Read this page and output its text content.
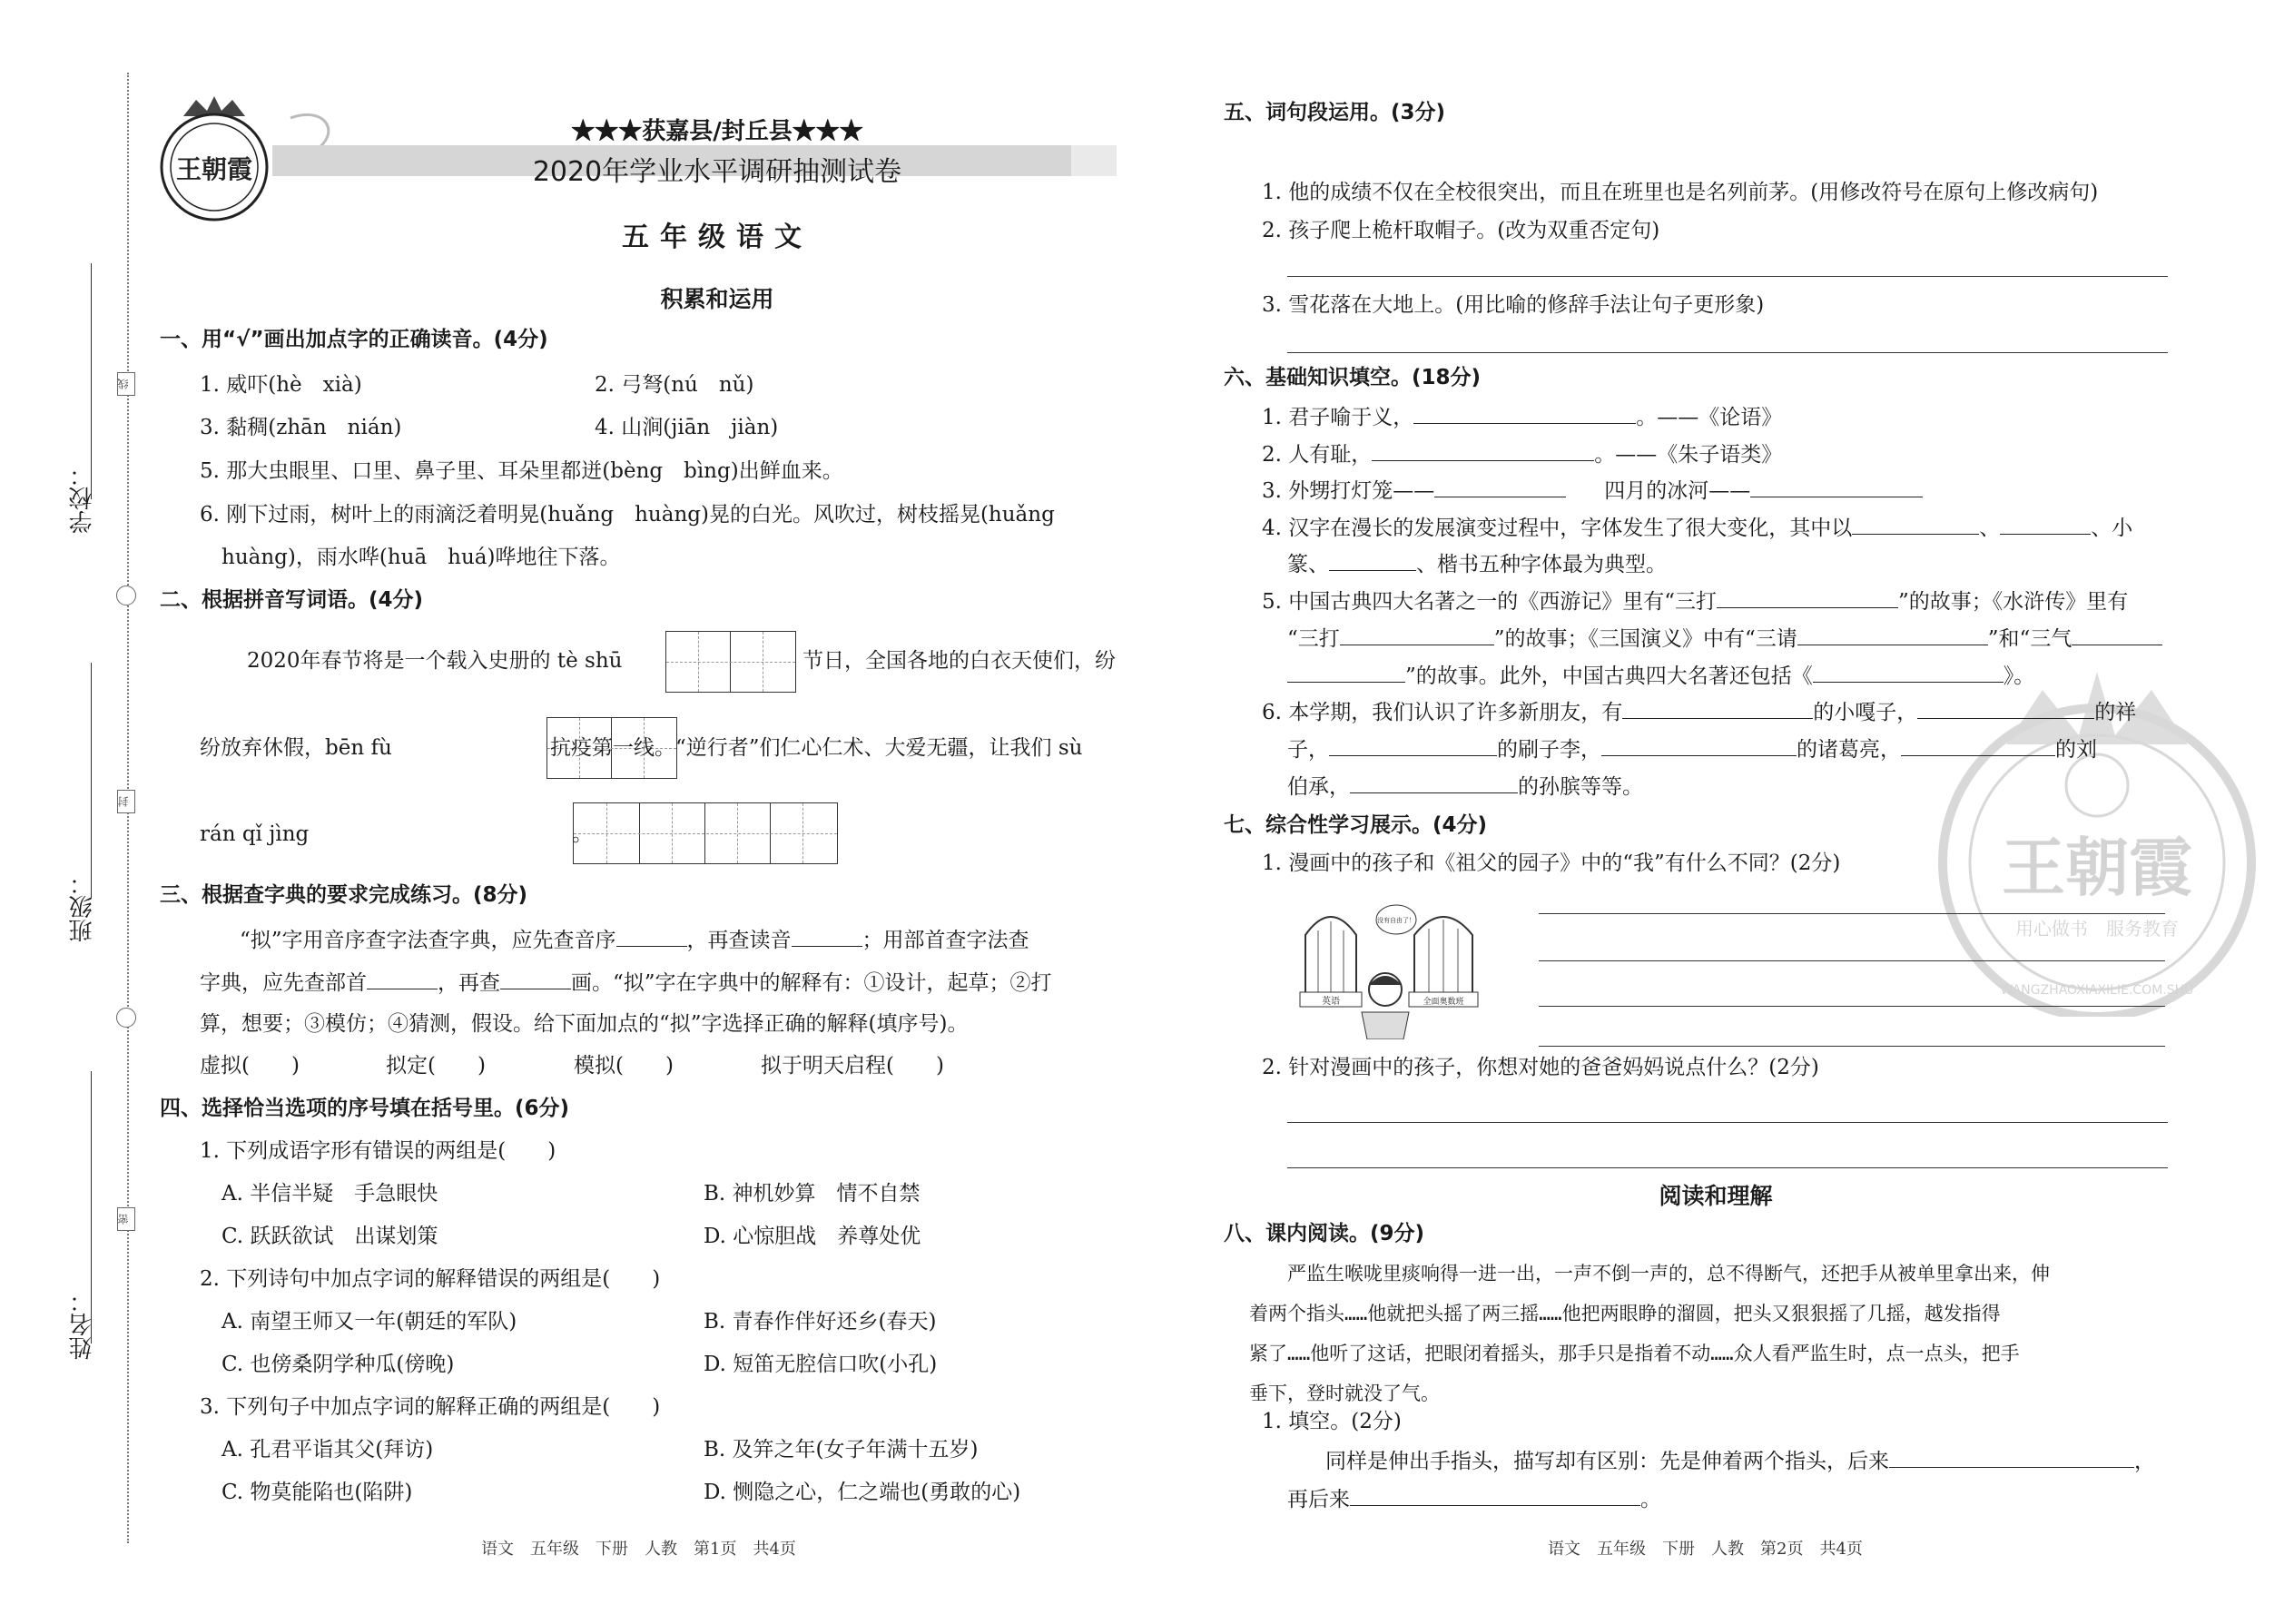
学校：
班级：
姓名：
线
封
密
王朝霞
★★★获嘉县/封丘县★★★
2020年学业水平调研抽测试卷
五年级语文
积累和运用
一、用“√”画出加点字的正确读音。(4分)
1. 威吓(hè　xià)	2. 弓弩(nú　nǔ)
3. 黏稠(zhān　nián)	4. 山涧(jiān　jiàn)
5. 那大虫眼里、口里、鼻子里、耳朵里都迸(bèng　bìng)出鲜血来。
6. 刚下过雨，树叶上的雨滴泛着明晃(huǎng　huàng)晃的白光。风吹过，树枝摇晃(huǎng
huàng)，雨水哗(huā　huá)哗地往下落。
二、根据拼音写词语。(4分)
2020年春节将是一个载入史册的 tè shū
	节日，全国各地的白衣天使们，纷
纷放弃休假，bēn fù
	抗疫第一线。“逆行者”们仁心仁术、大爱无疆，让我们 sù
rán qǐ jìng	。
三、根据查字典的要求完成练习。(8分)
“拟”字用音序查字法查字典，应先查音序	，再查读音	；用部首查字法查
字典，应先查部首	，再查	画。“拟”字在字典中的解释有：①设计，起草；②打
算，想要；③模仿；④猜测，假设。给下面加点的“拟”字选择正确的解释(填序号)。
虚拟(　　)	拟定(　　)	模拟(　　)	拟于明天启程(　　)
四、选择恰当选项的序号填在括号里。(6分)
1. 下列成语字形有错误的两组是(　　)
A. 半信半疑　手急眼快	B. 神机妙算　情不自禁
C. 跃跃欲试　出谋划策	D. 心惊胆战　养尊处优
2. 下列诗句中加点字词的解释错误的两组是(　　)
A. 南望王师又一年(朝廷的军队)	B. 青春作伴好还乡(春天)
C. 也傍桑阴学种瓜(傍晚)	D. 短笛无腔信口吹(小孔)
3. 下列句子中加点字词的解释正确的两组是(　　)
A. 孔君平诣其父(拜访)	B. 及笄之年(女子年满十五岁)
C. 物莫能陷也(陷阱)	D. 恻隐之心，仁之端也(勇敢的心)
语文　五年级　下册　人教　第1页　共4页
王朝霞
用心做书　服务教育
WANGZHAOXIAXILIE.COM.SHU
五、词句段运用。(3分)
1. 他的成绩不仅在全校很突出，而且在班里也是名列前茅。(用修改符号在原句上修改病句)
2. 孩子爬上桅杆取帽子。(改为双重否定句)
3. 雪花落在大地上。(用比喻的修辞手法让句子更形象)
六、基础知识填空。(18分)
1. 君子喻于义，	。——《论语》
2. 人有耻，	。——《朱子语类》
3. 外甥打灯笼——	四月的冰河——
4. 汉字在漫长的发展演变过程中，字体发生了很大变化，其中以	、	、小
篆、	、楷书五种字体最为典型。
5. 中国古典四大名著之一的《西游记》里有“三打	”的故事；《水浒传》里有
“三打	”的故事；《三国演义》中有“三请	”和“三气
”的故事。此外，中国古典四大名著还包括《	》。
6. 本学期，我们认识了许多新朋友，有	的小嘎子，	的祥
子，	的刷子李，	的诸葛亮，	的刘
伯承，	的孙膑等等。
七、综合性学习展示。(4分)
1. 漫画中的孩子和《祖父的园子》中的“我”有什么不同？(2分)
英语	全面奥数班
没有自由了！
2. 针对漫画中的孩子，你想对她的爸爸妈妈说点什么？(2分)
阅读和理解
八、课内阅读。(9分)
严监生喉咙里痰响得一进一出，一声不倒一声的，总不得断气，还把手从被单里拿出来，伸
着两个指头……他就把头摇了两三摇……他把两眼睁的溜圆，把头又狠狠摇了几摇，越发指得
紧了……他听了这话，把眼闭着摇头，那手只是指着不动……众人看严监生时，点一点头，把手
垂下，登时就没了气。
1. 填空。(2分)
同样是伸出手指头，描写却有区别：先是伸着两个指头，后来	，
再后来	。
语文　五年级　下册　人教　第2页　共4页
